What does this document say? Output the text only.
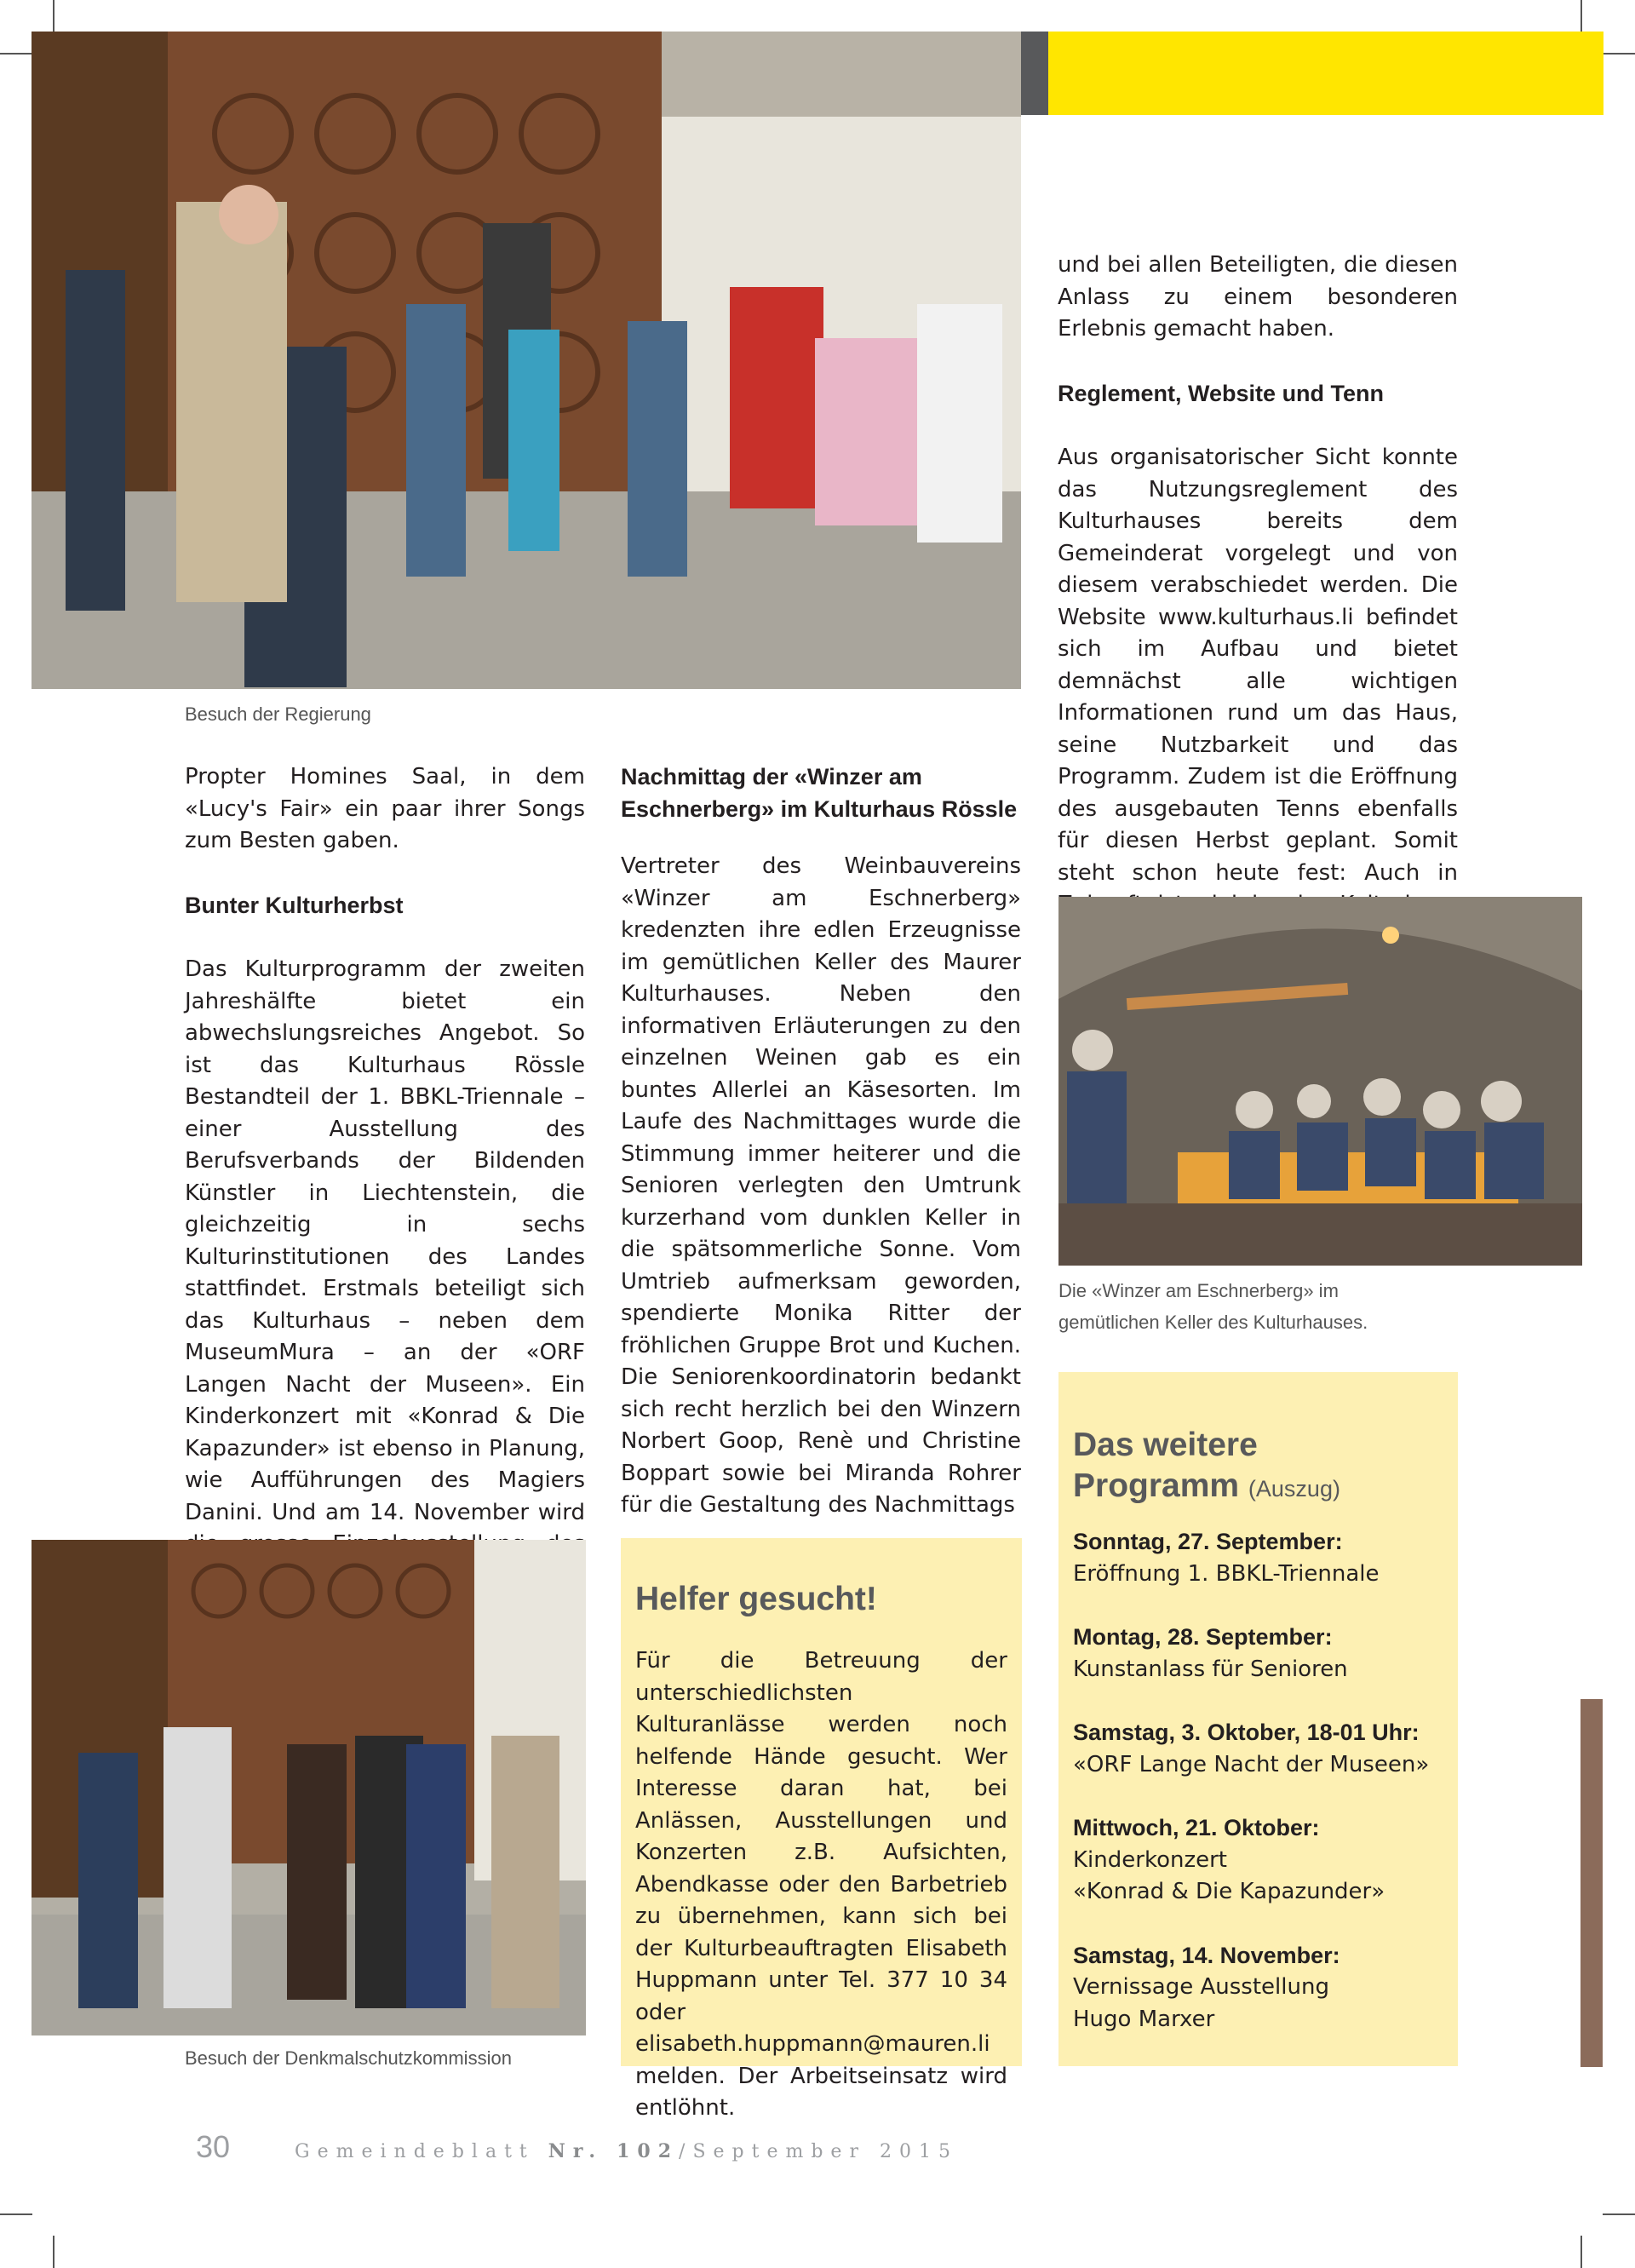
Besuch der Regierung

Propter Homines Saal, in dem «Lucy's Fair» ein paar ihrer Songs zum Besten gaben.

Bunter Kulturherbst

Das Kulturprogramm der zweiten Jahreshälfte bietet ein abwechslungsreiches Angebot. So ist das Kulturhaus Rössle Bestandteil der 1. BBKL-Triennale – einer Ausstellung des Berufsverbands der Bildenden Künstler in Liechtenstein, die gleichzeitig in sechs Kulturinstitutionen des Landes stattfindet. Erstmals beteiligt sich das Kulturhaus – neben dem MuseumMura – an der «ORF Langen Nacht der Museen». Ein Kinderkonzert mit «Konrad & Die Kapazunder» ist ebenso in Planung, wie Aufführungen des Magiers Danini. Und am 14. November wird

Nachmittag der «Winzer am Eschnerberg» im Kulturhaus Rössle

Vertreter des Weinbauvereins «Winzer am Eschnerberg» kredenzten ihre edlen Erzeugnisse im gemütlichen Keller des Maurer Kulturhauses. Neben den informativen Erläuterungen zu den einzelnen Weinen gab es ein buntes Allerlei an Käsesorten. Im Laufe des Nachmittages wurde die Stimmung immer heiterer und die Senioren verlegten den Umtrunk kurzerhand vom dunklen Keller in die spätsommerliche Sonne. Vom Umtrieb aufmerksam geworden, spendierte Monika Ritter der fröhlichen Gruppe Brot und Kuchen. Die Seniorenkoordinatorin bedankt sich recht herzlich bei den Winzern Norbert Goop, Renè und Christine Boppart sowie bei Miranda Rohrer für die Gestaltung des Nachmittags

und bei allen Beteiligten, die diesen Anlass zu einem besonderen Erlebnis gemacht haben.

Reglement, Website und Tenn

Aus organisatorischer Sicht konnte das Nutzungsreglement des Kulturhauses bereits dem Gemeinderat vorgelegt und von diesem verabschiedet werden. Die Website www.kulturhaus.li befindet sich im Aufbau und bietet demnächst alle wichtigen Informationen rund um das Haus, seine Nutzbarkeit und das Programm. Zudem ist die Eröffnung des ausgebauten Tenns ebenfalls für diesen Herbst geplant. Somit steht schon heute fest: Auch in

Die «Winzer am Eschnerberg» im gemütlichen Keller des Kulturhauses.
Besuch der Denkmalschutzkommission
Helfer gesucht!
Für die Betreuung der unterschiedlichsten Kulturanlässe werden noch helfende Hände gesucht. Wer Interesse daran hat, bei Anlässen, Ausstellungen und Konzerten z.B. Aufsichten, Abendkasse oder den Barbetrieb zu übernehmen, kann sich bei der Kulturbeauftragten Elisabeth Huppmann unter Tel. 377 10 34 oder elisabeth.huppmann@mauren.li melden. Der Arbeitseinsatz wird entlöhnt.
Das weitere
Programm (Auszug)
Sonntag, 27. September:
Eröffnung 1. BBKL-Triennale
Montag, 28. September:
Kunstanlass für Senioren
Samstag, 3. Oktober, 18-01 Uhr:
«ORF Lange Nacht der Museen»
Mittwoch, 21. Oktober:
Kinderkonzert
«Konrad & Die Kapazunder»
Samstag, 14. November:
Vernissage Ausstellung
Hugo Marxer
30	Gemeindeblatt Nr. 102/September 2015
